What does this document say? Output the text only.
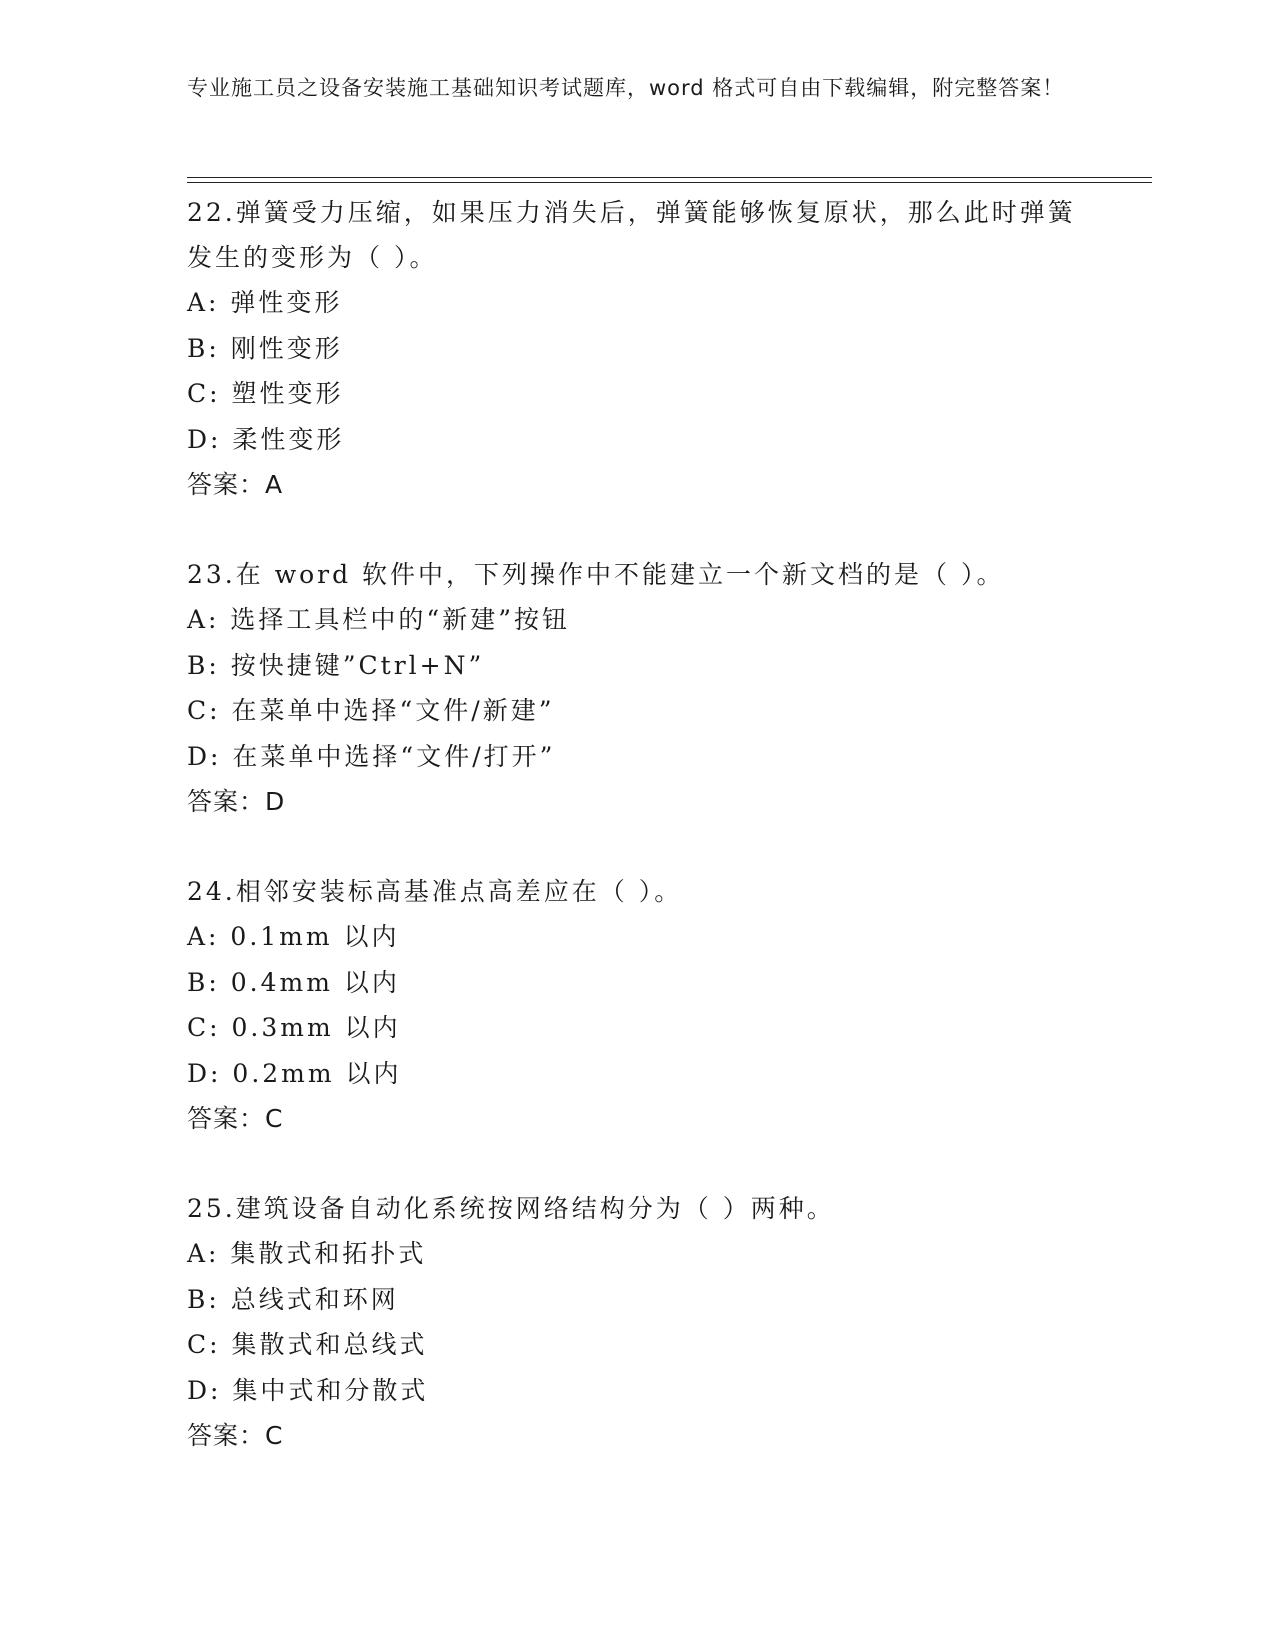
专业施工员之设备安装施工基础知识考试题库，word 格式可自由下载编辑，附完整答案！
22.弹簧受力压缩，如果压力消失后，弹簧能够恢复原状，那么此时弹簧发生的变形为（ ）。
A: 弹性变形
B: 刚性变形
C: 塑性变形
D: 柔性变形
答案：A
23.在 word 软件中，下列操作中不能建立一个新文档的是（ ）。
A: 选择工具栏中的“新建”按钮
B: 按快捷键”Ctrl+N”
C: 在菜单中选择“文件/新建”
D: 在菜单中选择“文件/打开”
答案：D
24.相邻安装标高基准点高差应在（ ）。
A: 0.1mm 以内
B: 0.4mm 以内
C: 0.3mm 以内
D: 0.2mm 以内
答案：C
25.建筑设备自动化系统按网络结构分为（ ）两种。
A: 集散式和拓扑式
B: 总线式和环网
C: 集散式和总线式
D: 集中式和分散式
答案：C
